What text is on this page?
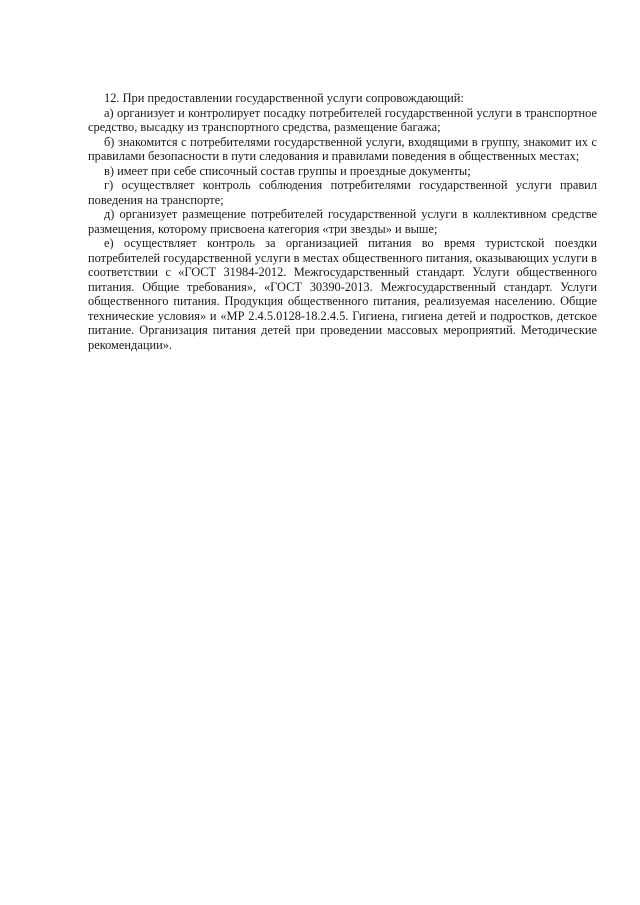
12. При предоставлении государственной услуги сопровождающий:

а) организует и контролирует посадку потребителей государственной услуги в транспортное средство, высадку из транспортного средства, размещение багажа;

б) знакомится с потребителями государственной услуги, входящими в группу, знакомит их с правилами безопасности в пути следования и правилами поведения в общественных местах;

в) имеет при себе списочный состав группы и проездные документы;

г) осуществляет контроль соблюдения потребителями государственной услуги правил поведения на транспорте;

д) организует размещение потребителей государственной услуги в коллективном средстве размещения, которому присвоена категория «три звезды» и выше;

е) осуществляет контроль за организацией питания во время туристской поездки потребителей государственной услуги в местах общественного питания, оказывающих услуги в соответствии с «ГОСТ 31984-2012. Межгосударственный стандарт. Услуги общественного питания. Общие требования», «ГОСТ 30390-2013. Межгосударственный стандарт. Услуги общественного питания. Продукция общественного питания, реализуемая населению. Общие технические условия» и «МР 2.4.5.0128-18.2.4.5. Гигиена, гигиена детей и подростков, детское питание. Организация питания детей при проведении массовых мероприятий. Методические рекомендации».
